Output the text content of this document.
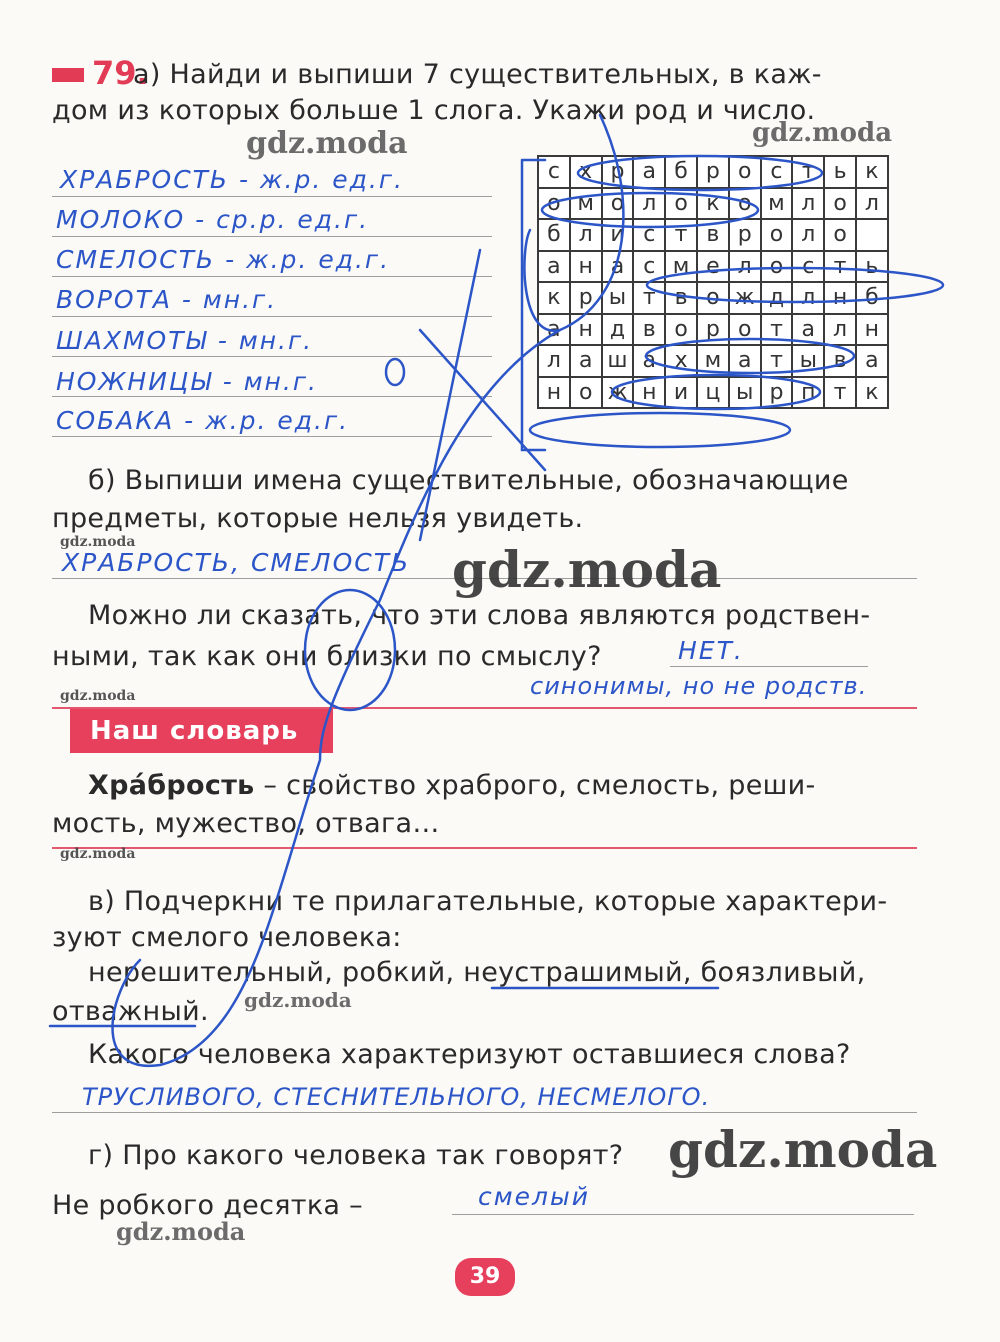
79.
а) Найди и выпиши 7 существительных, в каж-
дом из которых больше 1 слога. Укажи род и число.
ХРАБРОСТЬ - ж.р. ед.г.
МОЛОКО - ср.р. ед.г.
СМЕЛОСТЬ - ж.р. ед.г.
ВОРОТА - мн.г.
ШАХМОТЫ - мн.г.
НОЖНИЦЫ - мн.г.
СОБАКА - ж.р. ед.г.
с	х	р	а	б	р	о	с	т	ь	к
о	м	о	л	о	к	о	м	л	о	л
б	л	и	с	т	в	р	о	л	о	
а	н	а	с	м	е	л	о	с	т	ь
к	р	ы	т	в	о	ж	д	л	н	б
а	н	д	в	о	р	о	т	а	л	н
л	а	ш	а	х	м	а	т	ы	в	а
н	о	ж	н	и	ц	ы	р	п	т	к
б) Выпиши имена существительные, обозначающие
предметы, которые нельзя увидеть.
ХРАБРОСТЬ, СМЕЛОСТЬ
Можно ли сказать, что эти слова являются родствен-
ными, так как они близки по смыслу?	НЕТ.
синонимы, но не родств.
Наш словарь
Хра́брость – свойство храброго, смелость, реши-
мость, мужество, отвага…
в) Подчеркни те прилагательные, которые характери-
зуют смелого человека:
нерешительный, робкий, неустрашимый, боязливый,
отважный.
Какого человека характеризуют оставшиеся слова?
ТРУСЛИВОГО, СТЕСНИТЕЛЬНОГО, НЕСМЕЛОГО.
г) Про какого человека так говорят?
Не робкого десятка –	смелый
39
gdz.moda	gdz.moda
gdz.moda	gdz.moda
gdz.moda
gdz.moda
gdz.moda
gdz.moda
gdz.moda
